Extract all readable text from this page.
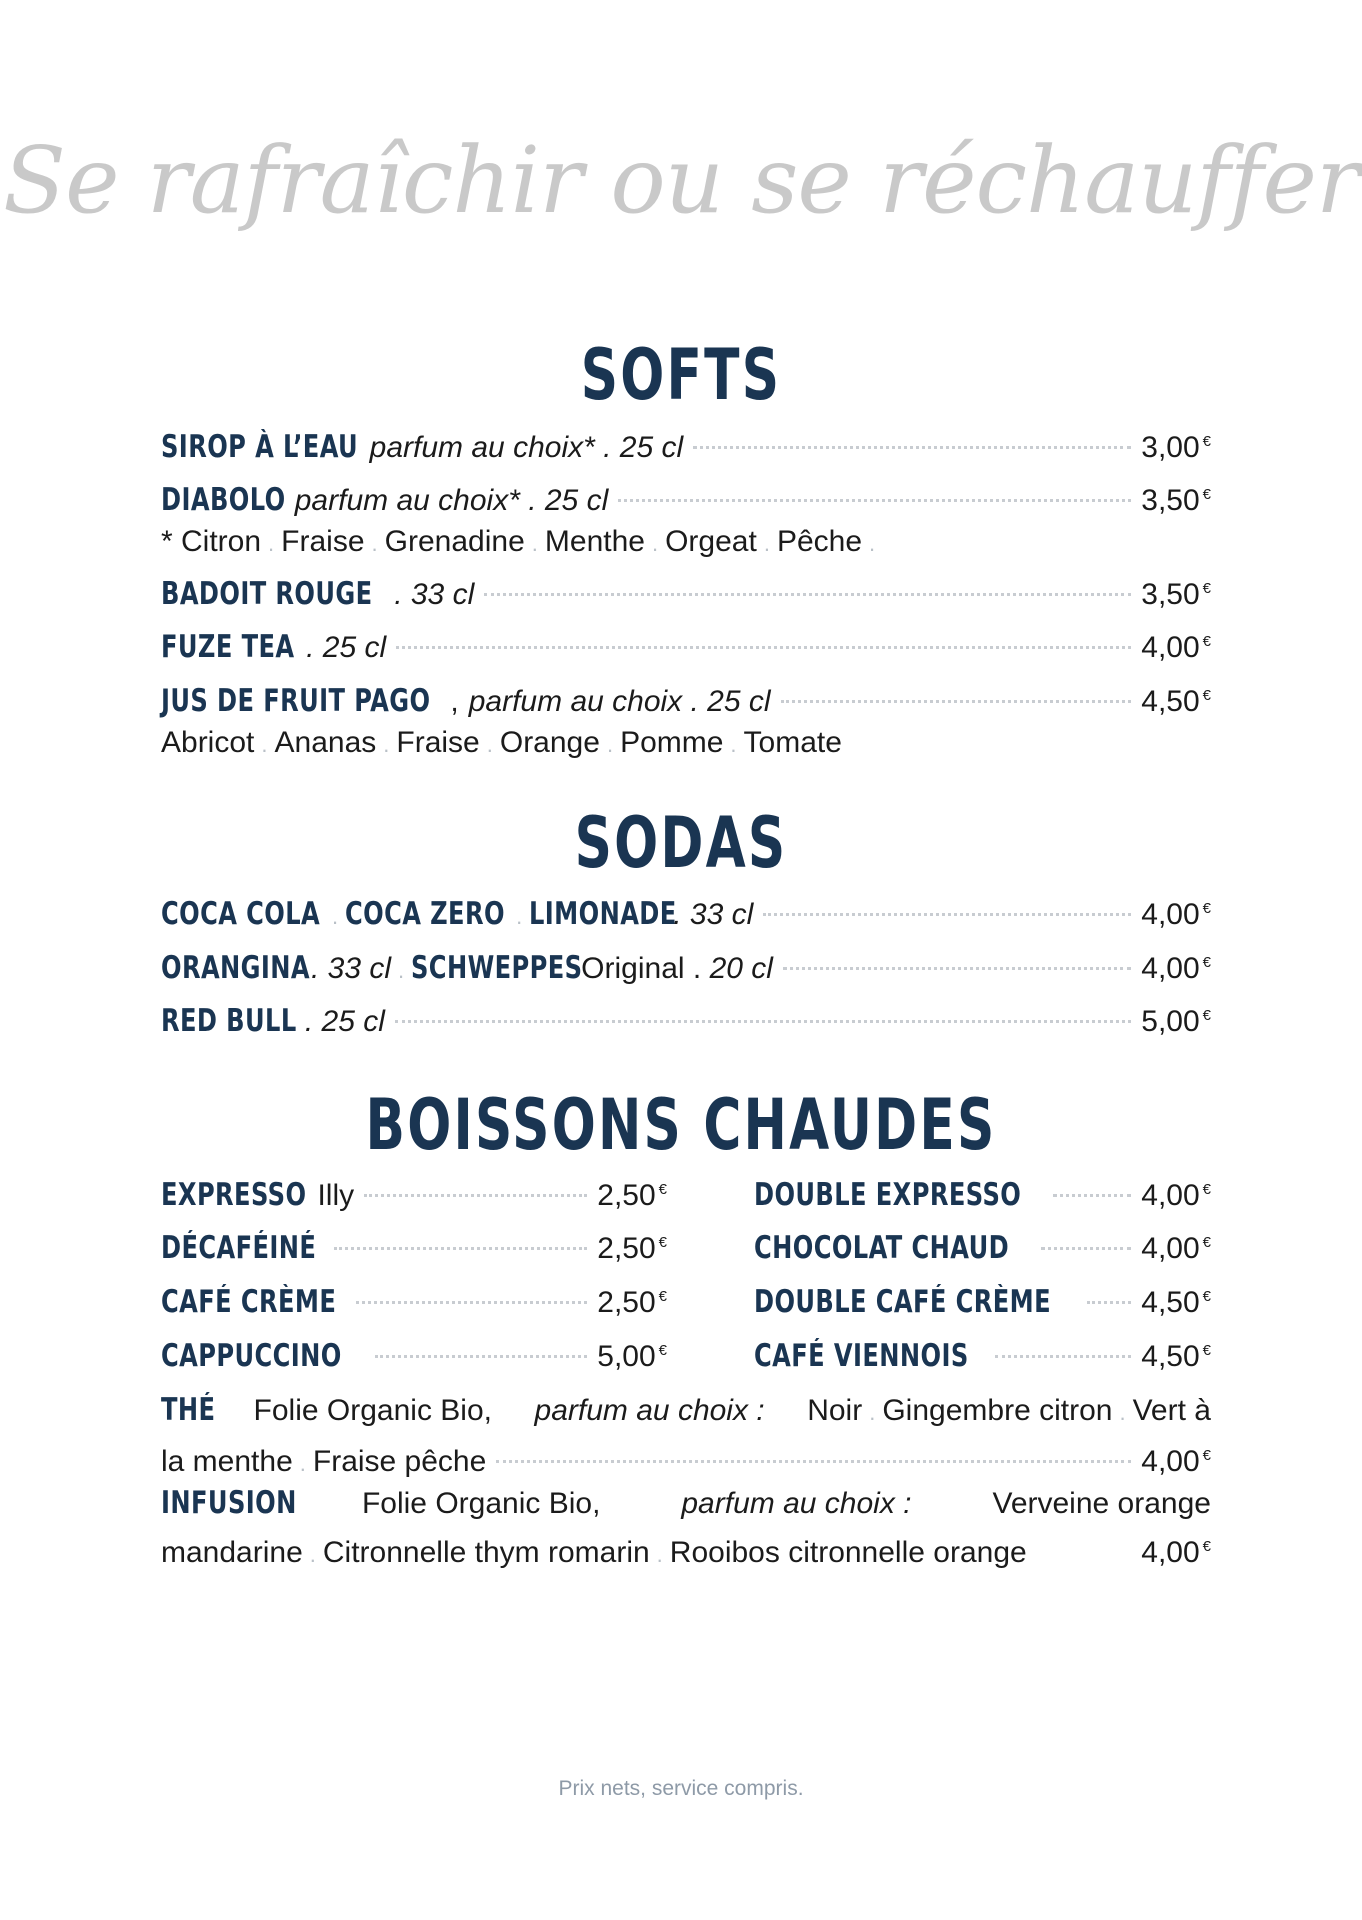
Se rafraîchir ou se réchauffer
SOFTS
SIROP À L’EAU parfum au choix* . 25 cl	3,00 €
DIABOLO parfum au choix* . 25 cl	3,50 €
* Citron . Fraise . Grenadine . Menthe . Orgeat . Pêche .
BADOIT ROUGE . 33 cl	3,50 €
FUZE TEA . 25 cl	4,00 €
JUS DE FRUIT PAGO , parfum au choix . 25 cl	4,50 €
Abricot . Ananas . Fraise . Orange . Pomme . Tomate
SODAS
COCA COLA . COCA ZERO . LIMONADE
. 33 cl	4,00 €
ORANGINA . 33 cl . SCHWEPPES
Original . 20 cl	4,00 €
RED BULL . 25 cl	5,00 €
BOISSONS CHAUDES
EXPRESSO Illy	2,50 €
DÉCAFÉINÉ	2,50 €
CAFÉ CRÈME	2,50 €
CAPPUCCINO	5,00 €
DOUBLE EXPRESSO	4,00 €
CHOCOLAT CHAUD	4,00 €
DOUBLE CAFÉ CRÈME	4,50 €
CAFÉ VIENNOIS	4,50 €
THÉ Folie Organic Bio, parfum au choix : Noir . Gingembre citron . Vert à
la menthe . Fraise pêche	4,00 €
INFUSION Folie Organic Bio,	parfum au choix :	Verveine orange
mandarine . Citronnelle thym romarin . Rooibos citronnelle orange	4,00 €
Prix nets, service compris.
